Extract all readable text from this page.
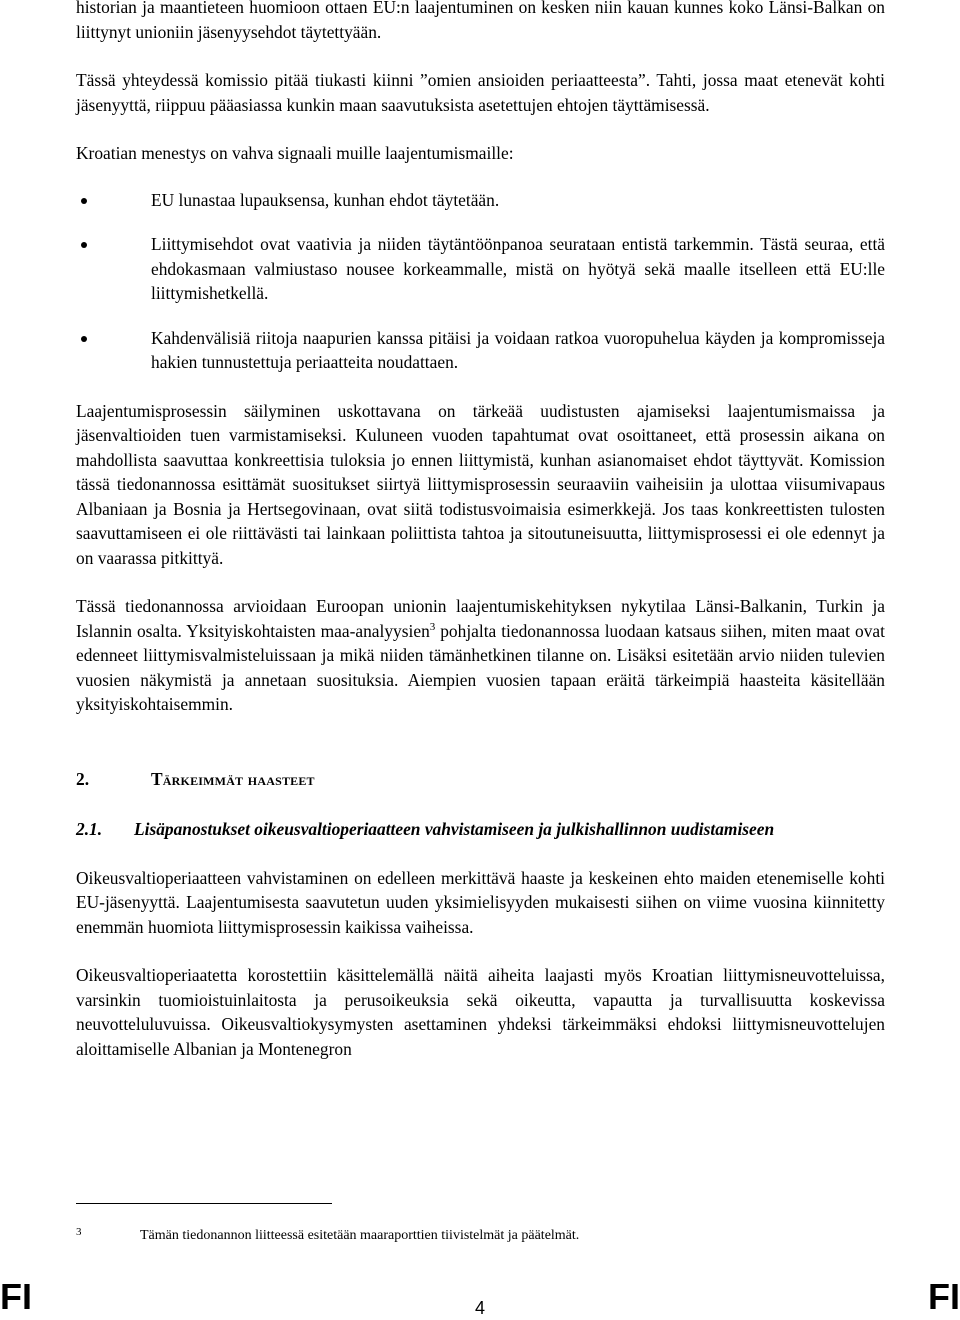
historian ja maantieteen huomioon ottaen EU:n laajentuminen on kesken niin kauan kunnes koko Länsi-Balkan on liittynyt unioniin jäsenyysehdot täytettyään.

Tässä yhteydessä komissio pitää tiukasti kiinni ”omien ansioiden periaatteesta”. Tahti, jossa maat etenevät kohti jäsenyyttä, riippuu pääasiassa kunkin maan saavutuksista asetettujen ehtojen täyttämisessä.

Kroatian menestys on vahva signaali muille laajentumismaille:

EU lunastaa lupauksensa, kunhan ehdot täytetään.
Liittymisehdot ovat vaativia ja niiden täytäntöönpanoa seurataan entistä tarkemmin. Tästä seuraa, että ehdokasmaan valmiustaso nousee korkeammalle, mistä on hyötyä sekä maalle itselleen että EU:lle liittymishetkellä.
Kahdenvälisiä riitoja naapurien kanssa pitäisi ja voidaan ratkoa vuoropuhelua käyden ja kompromisseja hakien tunnustettuja periaatteita noudattaen.

Laajentumisprosessin säilyminen uskottavana on tärkeää uudistusten ajamiseksi laajentumismaissa ja jäsenvaltioiden tuen varmistamiseksi. Kuluneen vuoden tapahtumat ovat osoittaneet, että prosessin aikana on mahdollista saavuttaa konkreettisia tuloksia jo ennen liittymistä, kunhan asianomaiset ehdot täyttyvät. Komission tässä tiedonannossa esittämät suositukset siirtyä liittymisprosessin seuraaviin vaiheisiin ja ulottaa viisumivapaus Albaniaan ja Bosnia ja Hertsegovinaan, ovat siitä todistusvoimaisia esimerkkejä. Jos taas konkreettisten tulosten saavuttamiseen ei ole riittävästi tai lainkaan poliittista tahtoa ja sitoutuneisuutta, liittymisprosessi ei ole edennyt ja on vaarassa pitkittyä.

Tässä tiedonannossa arvioidaan Euroopan unionin laajentumiskehityksen nykytilaa Länsi-Balkanin, Turkin ja Islannin osalta. Yksityiskohtaisten maa-analyysien$^3$ pohjalta tiedonannossa luodaan katsaus siihen, miten maat ovat edenneet liittymisvalmisteluissaan ja mikä niiden tämänhetkinen tilanne on. Lisäksi esitetään arvio niiden tulevien vuosien näkymistä ja annetaan suosituksia. Aiempien vuosien tapaan eräitä tärkeimpiä haasteita käsitellään yksityiskohtaisemmin.

2.	Tärkeimmät haasteet
2.1. Lisäpanostukset oikeusvaltioperiaatteen vahvistamiseen ja julkishallinnon uudistamiseen

Oikeusvaltioperiaatteen vahvistaminen on edelleen merkittävä haaste ja keskeinen ehto maiden etenemiselle kohti EU-jäsenyyttä. Laajentumisesta saavutetun uuden yksimielisyyden mukaisesti siihen on viime vuosina kiinnitetty enemmän huomiota liittymisprosessin kaikissa vaiheissa.

Oikeusvaltioperiaatetta korostettiin käsittelemällä näitä aiheita laajasti myös Kroatian liittymisneuvotteluissa, varsinkin tuomioistuinlaitosta ja perusoikeuksia sekä oikeutta, vapautta ja turvallisuutta koskevissa neuvotteluluvuissa. Oikeusvaltiokysymysten asettaminen yhdeksi tärkeimmäksi ehdoksi liittymisneuvottelujen aloittamiselle Albanian ja Montenegron

3	Tämän tiedonannon liitteessä esitetään maaraporttien tiivistelmät ja päätelmät.
FI	4	FI
